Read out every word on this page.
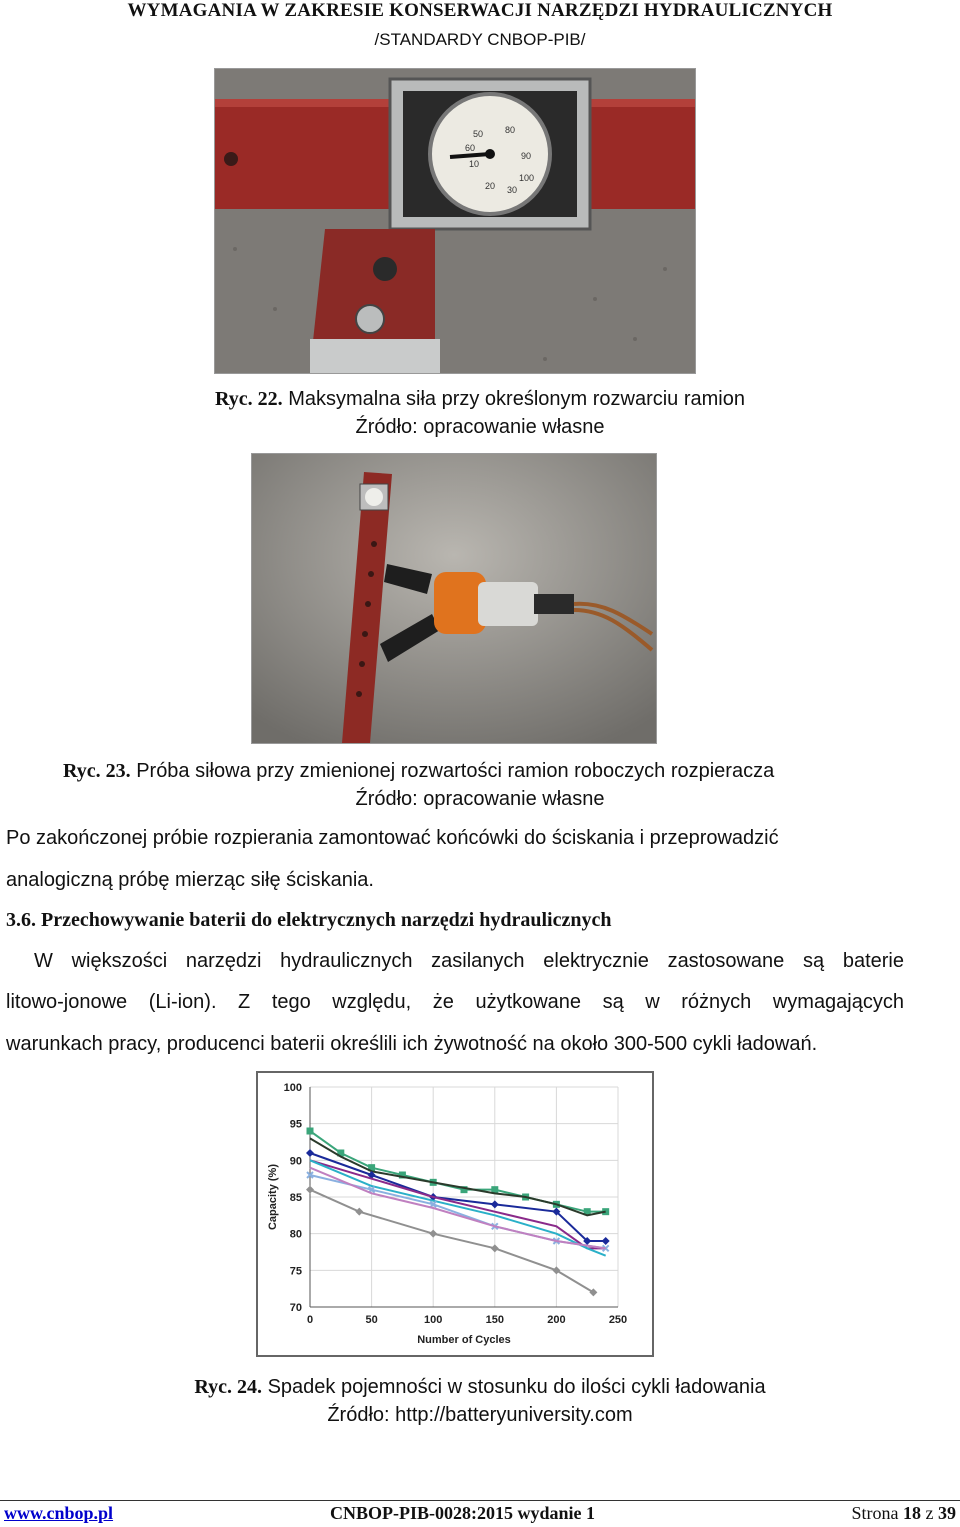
WYMAGANIA W ZAKRESIE KONSERWACJI NARZĘDZI HYDRAULICZNYCH
/STANDARDY CNBOP-PIB/
10
20 30
50
60
80
90
100
Ryc. 22. Maksymalna siła przy określonym rozwarciu ramion
Źródło: opracowanie własne
Ryc. 23. Próba siłowa przy zmienionej rozwartości ramion roboczych rozpieracza
Źródło: opracowanie własne
Po zakończonej próbie rozpierania zamontować końcówki do ściskania i przeprowadzić
analogiczną próbę mierząc siłę ściskania.
3.6. Przechowywanie baterii do elektrycznych narzędzi hydraulicznych
W większości narzędzi hydraulicznych zasilanych elektrycznie zastosowane są baterie
litowo-jonowe (Li-ion). Z tego względu, że użytkowane są w różnych wymagających
warunkach pracy, producenci baterii określili ich żywotność na około 300-500 cykli ładowań.
70
75
80
85
90
95
100
0	50	100	150	200	250
Number of Cycles
Capacity (%)
Ryc. 24. Spadek pojemności w stosunku do ilości cykli ładowania
Źródło: http://batteryuniversity.com
www.cnbop.pl	CNBOP-PIB-0028:2015 wydanie 1	Strona 18 z 39
